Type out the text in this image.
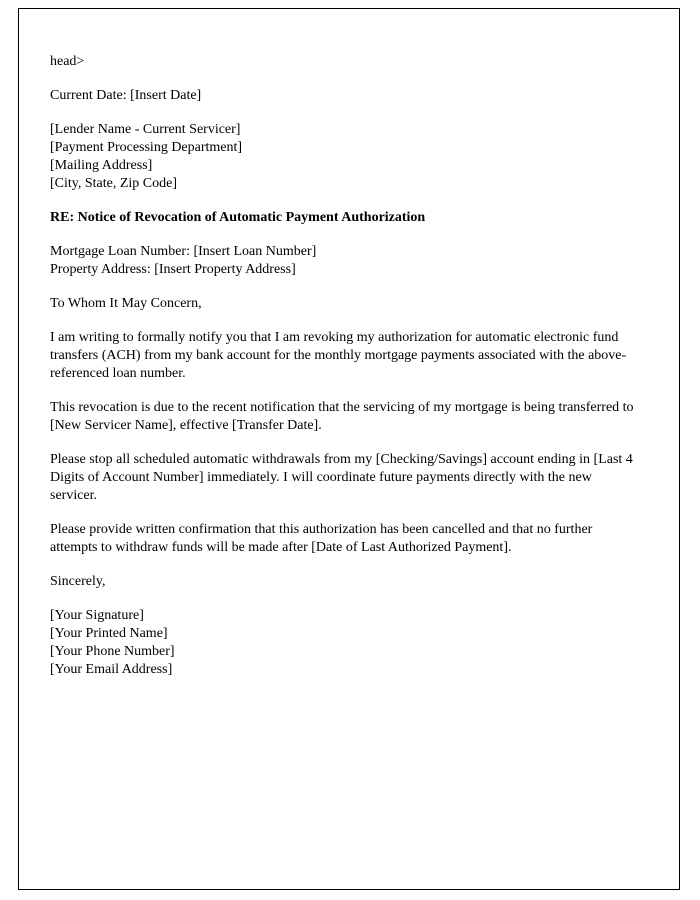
head>
Current Date: [Insert Date]
[Lender Name - Current Servicer]
[Payment Processing Department]
[Mailing Address]
[City, State, Zip Code]
RE: Notice of Revocation of Automatic Payment Authorization
Mortgage Loan Number: [Insert Loan Number]
Property Address: [Insert Property Address]
To Whom It May Concern,
I am writing to formally notify you that I am revoking my authorization for automatic electronic fund transfers (ACH) from my bank account for the monthly mortgage payments associated with the above-referenced loan number.
This revocation is due to the recent notification that the servicing of my mortgage is being transferred to [New Servicer Name], effective [Transfer Date].
Please stop all scheduled automatic withdrawals from my [Checking/Savings] account ending in [Last 4 Digits of Account Number] immediately. I will coordinate future payments directly with the new servicer.
Please provide written confirmation that this authorization has been cancelled and that no further attempts to withdraw funds will be made after [Date of Last Authorized Payment].
Sincerely,
[Your Signature]
[Your Printed Name]
[Your Phone Number]
[Your Email Address]
